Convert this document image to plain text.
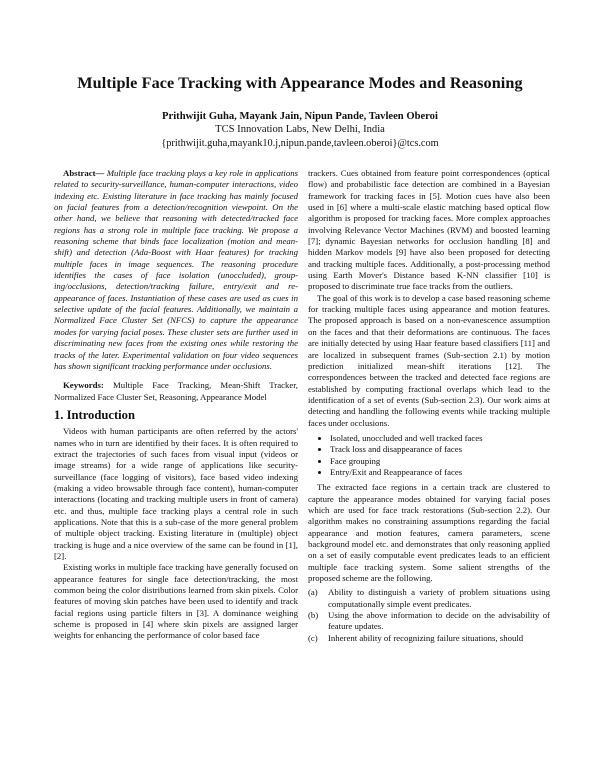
Multiple Face Tracking with Appearance Modes and Reasoning
Prithwijit Guha, Mayank Jain, Nipun Pande, Tavleen Oberoi
TCS Innovation Labs, New Delhi, India
{prithwijit.guha,mayank10.j,nipun.pande,tavleen.oberoi}@tcs.com

Abstract— Multiple face tracking plays a key role in applications related to security-surveillance, human-computer interactions, video indexing etc. Existing literature in face tracking has mainly focused on facial features from a detection/recognition viewpoint. On the other hand, we believe that reasoning with detected/tracked face regions has a strong role in multiple face tracking. We propose a reasoning scheme that binds face localization (motion and mean-shift) and detection (Ada-Boost with Haar features) for tracking multiple faces in image sequences. The reasoning procedure identifies the cases of face isolation (unoccluded), group-ing/occlusions, detection/tracking failure, entry/exit and re-appearance of faces. Instantiation of these cases are used as cues in selective update of the facial features. Additionally, we maintain a Normalized Face Cluster Set (NFCS) to capture the appearance modes for varying facial poses. These cluster sets are further used in discriminating new faces from the existing ones while restoring the tracks of the later. Experimental validation on four video sequences has shown significant tracking performance under occlusions.

Keywords: Multiple Face Tracking, Mean-Shift Tracker, Normalized Face Cluster Set, Reasoning, Appearance Model

1. Introduction

Videos with human participants are often referred by the actors' names who in turn are identified by their faces. It is often required to extract the trajectories of such faces from visual input (videos or image streams) for a wide range of applications like security-surveillance (face logging of visitors), face based video indexing (making a video browsable through face content), human-computer interactions (locating and tracking multiple users in front of camera) etc. and thus, multiple face tracking plays a central role in such applications. Note that this is a sub-case of the more general problem of multiple object tracking. Existing literature in (multiple) object tracking is huge and a nice overview of the same can be found in [1], [2].

Existing works in multiple face tracking have generally focused on appearance features for single face detection/tracking, the most common being the color distributions learned from skin pixels. Color features of moving skin patches have been used to identify and track facial regions using particle filters in [3]. A dominance weighing scheme is proposed in [4] where skin pixels are assigned larger weights for enhancing the performance of color based face

trackers. Cues obtained from feature point correspondences (optical flow) and probabilistic face detection are combined in a Bayesian framework for tracking faces in [5]. Motion cues have also been used in [6] where a multi-scale elastic matching based optical flow algorithm is proposed for tracking faces. More complex approaches involving Relevance Vector Machines (RVM) and boosted learning [7]; dynamic Bayesian networks for occlusion handling [8] and hidden Markov models [9] have also been proposed for detecting and tracking multiple faces. Additionally, a post-processing method using Earth Mover's Distance based K-NN classifier [10] is proposed to discriminate true face tracks from the outliers.

The goal of this work is to develop a case based reasoning scheme for tracking multiple faces using appearance and motion features. The proposed approach is based on a non-evanescence assumption on the faces and that their deformations are continuous. The faces are initially detected by using Haar feature based classifiers [11] and are localized in subsequent frames (Sub-section 2.1) by motion prediction initialized mean-shift iterations [12]. The correspondences between the tracked and detected face regions are established by computing fractional overlaps which lead to the identification of a set of events (Sub-section 2.3). Our work aims at detecting and handling the following events while tracking multiple faces under occlusions.

• Isolated, unoccluded and well tracked faces
• Track loss and disappearance of faces
• Face grouping
• Entry/Exit and Reappearance of faces

The extracted face regions in a certain track are clustered to capture the appearance modes obtained for varying facial poses which are used for face track restorations (Sub-section 2.2). Our algorithm makes no constraining assumptions regarding the facial appearance and motion features, camera parameters, scene background model etc. and demonstrates that only reasoning applied on a set of easily computable event predicates leads to an efficient multiple face tracking system. Some salient strengths of the proposed scheme are the following.

(a)	Ability to distinguish a variety of problem situations using computationally simple event predicates.
(b)	Using the above information to decide on the advisability of feature updates.
(c)	Inherent ability of recognizing failure situations, should
